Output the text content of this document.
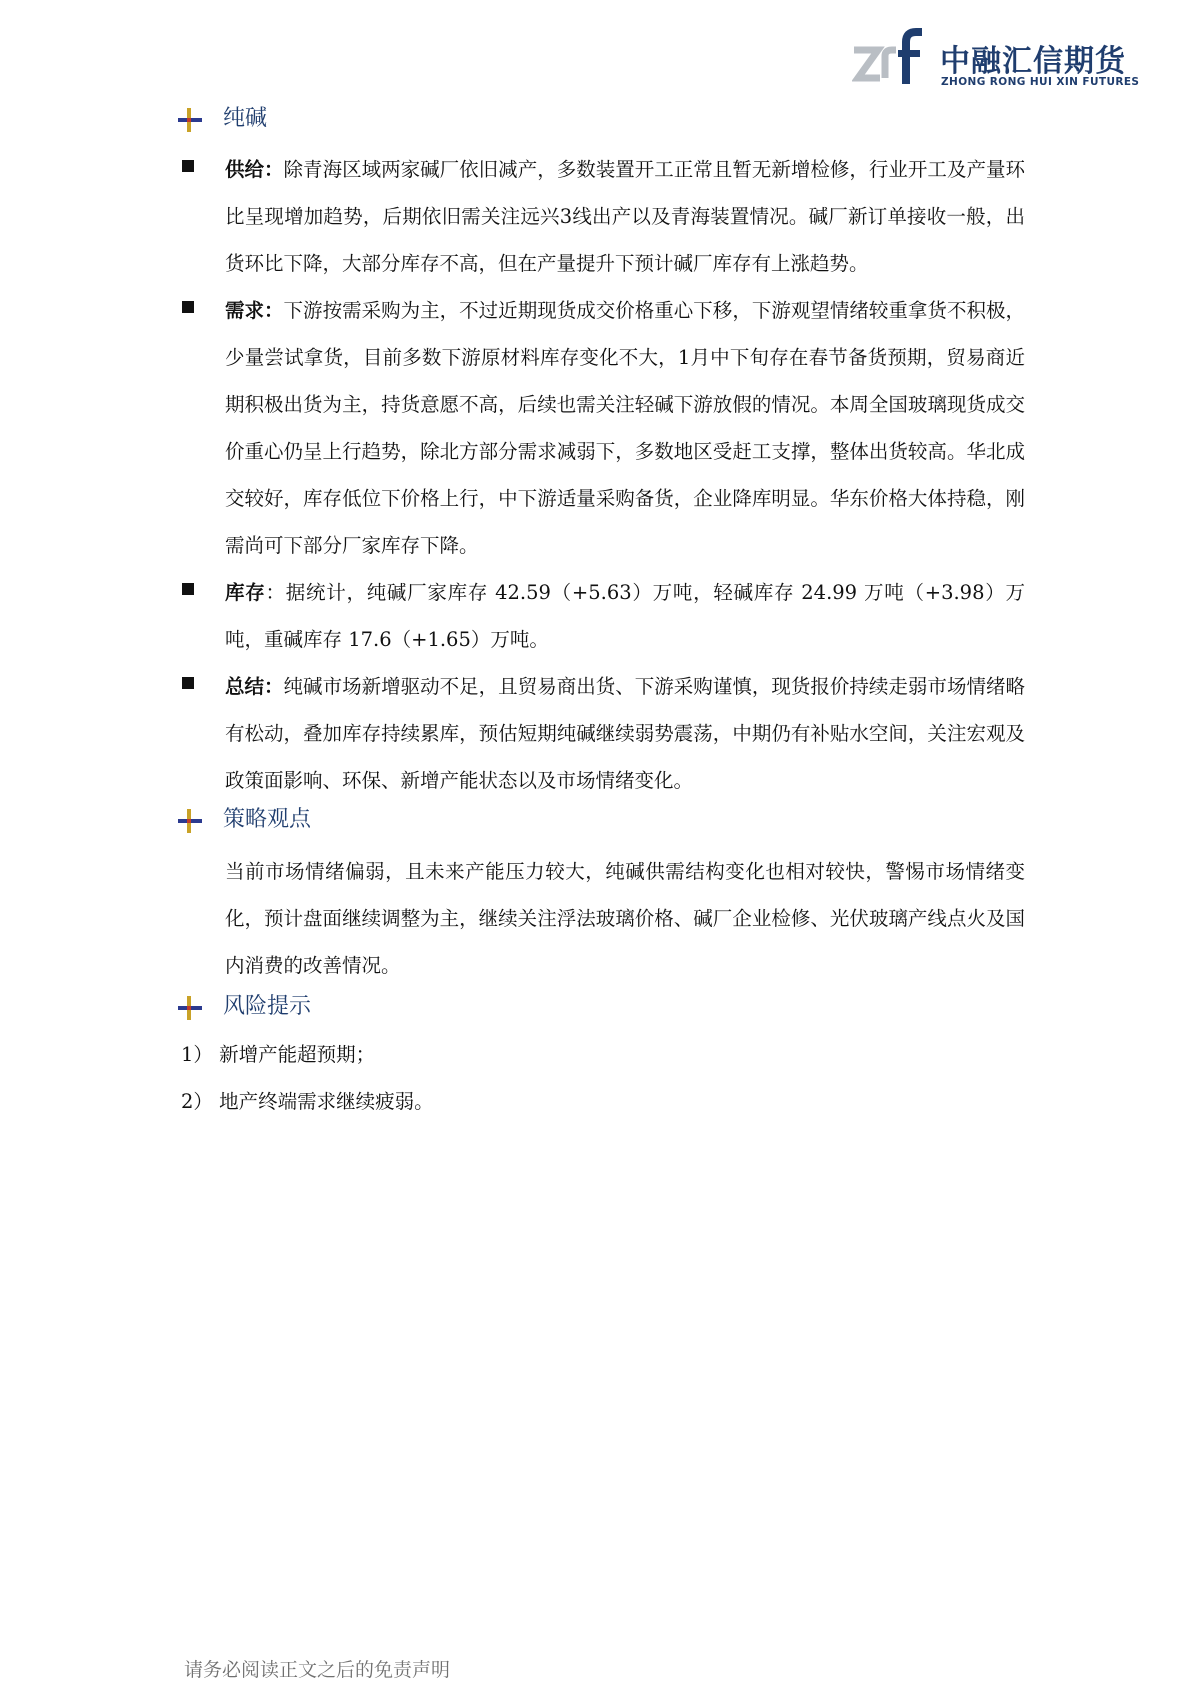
中融汇信期货
ZHONG RONG HUI XIN FUTURES
纯碱
供给：除青海区域两家碱厂依旧减产，多数装置开工正常且暂无新增检修，行业开工及产量环比呈现增加趋势，后期依旧需关注远兴3线出产以及青海装置情况。碱厂新订单接收一般，出货环比下降，大部分库存不高，但在产量提升下预计碱厂库存有上涨趋势。
需求：下游按需采购为主，不过近期现货成交价格重心下移，下游观望情绪较重拿货不积极，少量尝试拿货，目前多数下游原材料库存变化不大，1月中下旬存在春节备货预期，贸易商近期积极出货为主，持货意愿不高，后续也需关注轻碱下游放假的情况。本周全国玻璃现货成交价重心仍呈上行趋势，除北方部分需求减弱下，多数地区受赶工支撑，整体出货较高。华北成交较好，库存低位下价格上行，中下游适量采购备货，企业降库明显。华东价格大体持稳，刚需尚可下部分厂家库存下降。
库存：据统计，纯碱厂家库存 42.59（+5.63）万吨，轻碱库存 24.99 万吨（+3.98）万吨，重碱库存 17.6（+1.65）万吨。
总结：纯碱市场新增驱动不足，且贸易商出货、下游采购谨慎，现货报价持续走弱市场情绪略有松动，叠加库存持续累库，预估短期纯碱继续弱势震荡，中期仍有补贴水空间，关注宏观及政策面影响、环保、新增产能状态以及市场情绪变化。
策略观点
当前市场情绪偏弱，且未来产能压力较大，纯碱供需结构变化也相对较快，警惕市场情绪变化，预计盘面继续调整为主，继续关注浮法玻璃价格、碱厂企业检修、光伏玻璃产线点火及国内消费的改善情况。
风险提示
1） 新增产能超预期；
2） 地产终端需求继续疲弱。
请务必阅读正文之后的免责声明
